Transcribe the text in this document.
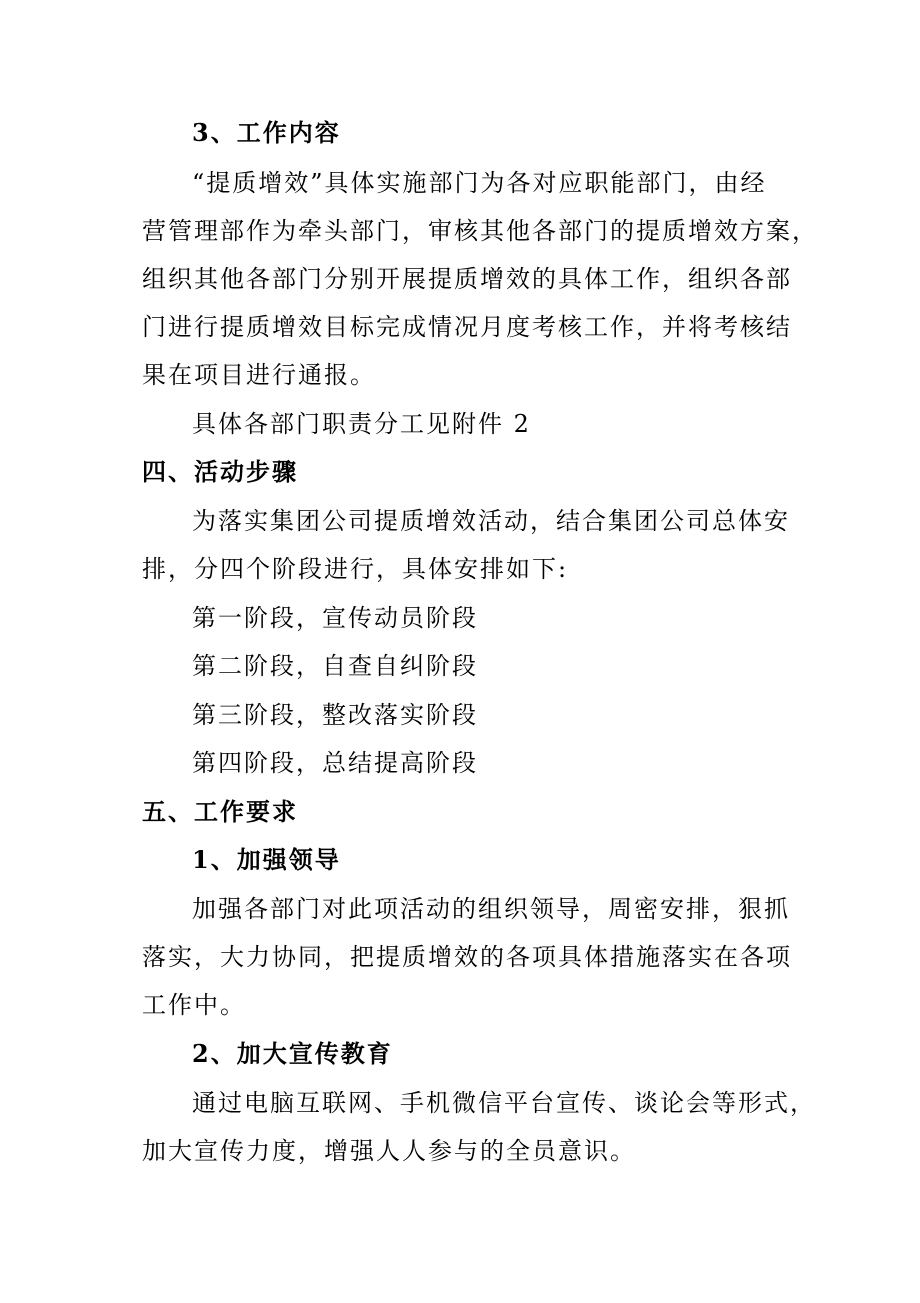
3、工作内容
“提质增效”具体实施部门为各对应职能部门，由经
营管理部作为牵头部门，审核其他各部门的提质增效方案，
组织其他各部门分别开展提质增效的具体工作，组织各部
门进行提质增效目标完成情况月度考核工作，并将考核结
果在项目进行通报。
具体各部门职责分工见附件 2
四、活动步骤
为落实集团公司提质增效活动，结合集团公司总体安
排，分四个阶段进行，具体安排如下:
第一阶段，宣传动员阶段
第二阶段，自查自纠阶段
第三阶段，整改落实阶段
第四阶段，总结提高阶段
五、工作要求
1、加强领导
加强各部门对此项活动的组织领导，周密安排，狠抓
落实，大力协同，把提质增效的各项具体措施落实在各项
工作中。
2、加大宣传教育
通过电脑互联网、手机微信平台宣传、谈论会等形式，
加大宣传力度，增强人人参与的全员意识。
